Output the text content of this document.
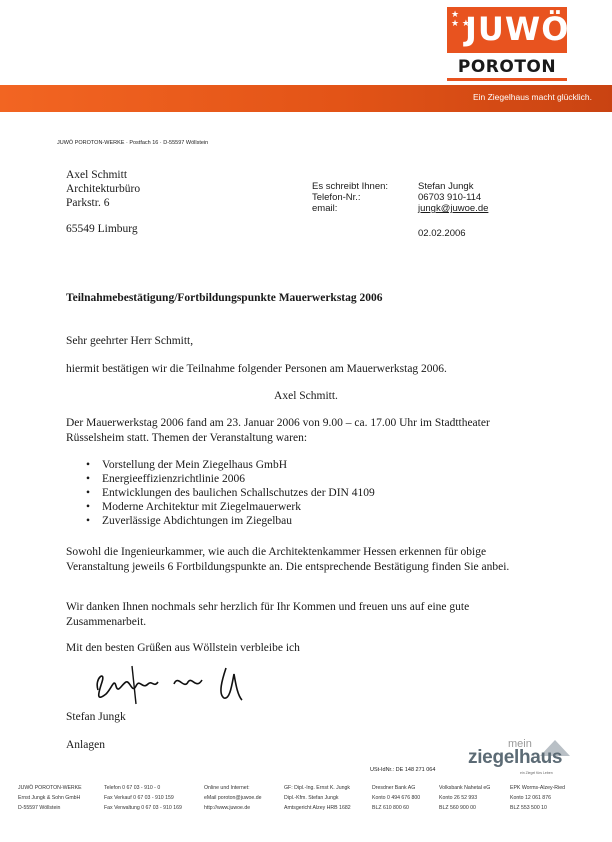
★
★ ★
JUWÖ
POROTON
Ein Ziegelhaus macht glücklich.
JUWÖ POROTON-WERKE · Postfach 16 · D-55597 Wöllstein
Axel Schmitt
Architekturbüro
Parkstr. 6
65549 Limburg
Es schreibt Ihnen:
Telefon-Nr.:
email:
Stefan Jungk
06703 910-114
jungk@juwoe.de
02.02.2006
Teilnahmebestätigung/Fortbildungspunkte Mauerwerkstag 2006
Sehr geehrter Herr Schmitt,
hiermit bestätigen wir die Teilnahme folgender Personen am Mauerwerkstag 2006.
Axel Schmitt.
Der Mauerwerkstag 2006 fand am 23. Januar 2006 von 9.00 – ca. 17.00 Uhr im Stadttheater Rüsselsheim statt. Themen der Veranstaltung waren:
• Vorstellung der Mein Ziegelhaus GmbH
• Energieeffizienzrichtlinie 2006
• Entwicklungen des baulichen Schallschutzes der DIN 4109
• Moderne Architektur mit Ziegelmauerwerk
• Zuverlässige Abdichtungen im Ziegelbau
Sowohl die Ingenieurkammer, wie auch die Architektenkammer Hessen erkennen für obige Veranstaltung jeweils 6 Fortbildungspunkte an. Die entsprechende Bestätigung finden Sie anbei.
Wir danken Ihnen nochmals sehr herzlich für Ihr Kommen und freuen uns auf eine gute Zusammenarbeit.
Mit den besten Grüßen aus Wöllstein verbleibe ich
Stefan Jungk
Anlagen
USt-IdNr.: DE 148 271 064
mein
ziegelhaus
ein Ziegel fürs Leben
JUWÖ POROTON-WERKE
Ernst Jungk & Sohn GmbH
D-55597 Wöllstein
Telefon 0 67 03 - 910 - 0
Fax Verkauf 0 67 03 - 910 159
Fax Verwaltung 0 67 03 - 910 169
Online und Internet:
eMail poroton@juwoe.de
http://www.juwoe.de
GF: Dipl.-Ing. Ernst K. Jungk
Dipl.-Kfm. Stefan Jungk
Amtsgericht Alzey HRB 1682
Dresdner Bank AG
Konto 0 494 676 800
BLZ 610 800 60
Volksbank Nahetal eG
Konto 26 52 993
BLZ 560 900 00
EPK Worms-Alzey-Ried
Konto 12 061 876
BLZ 553 500 10
